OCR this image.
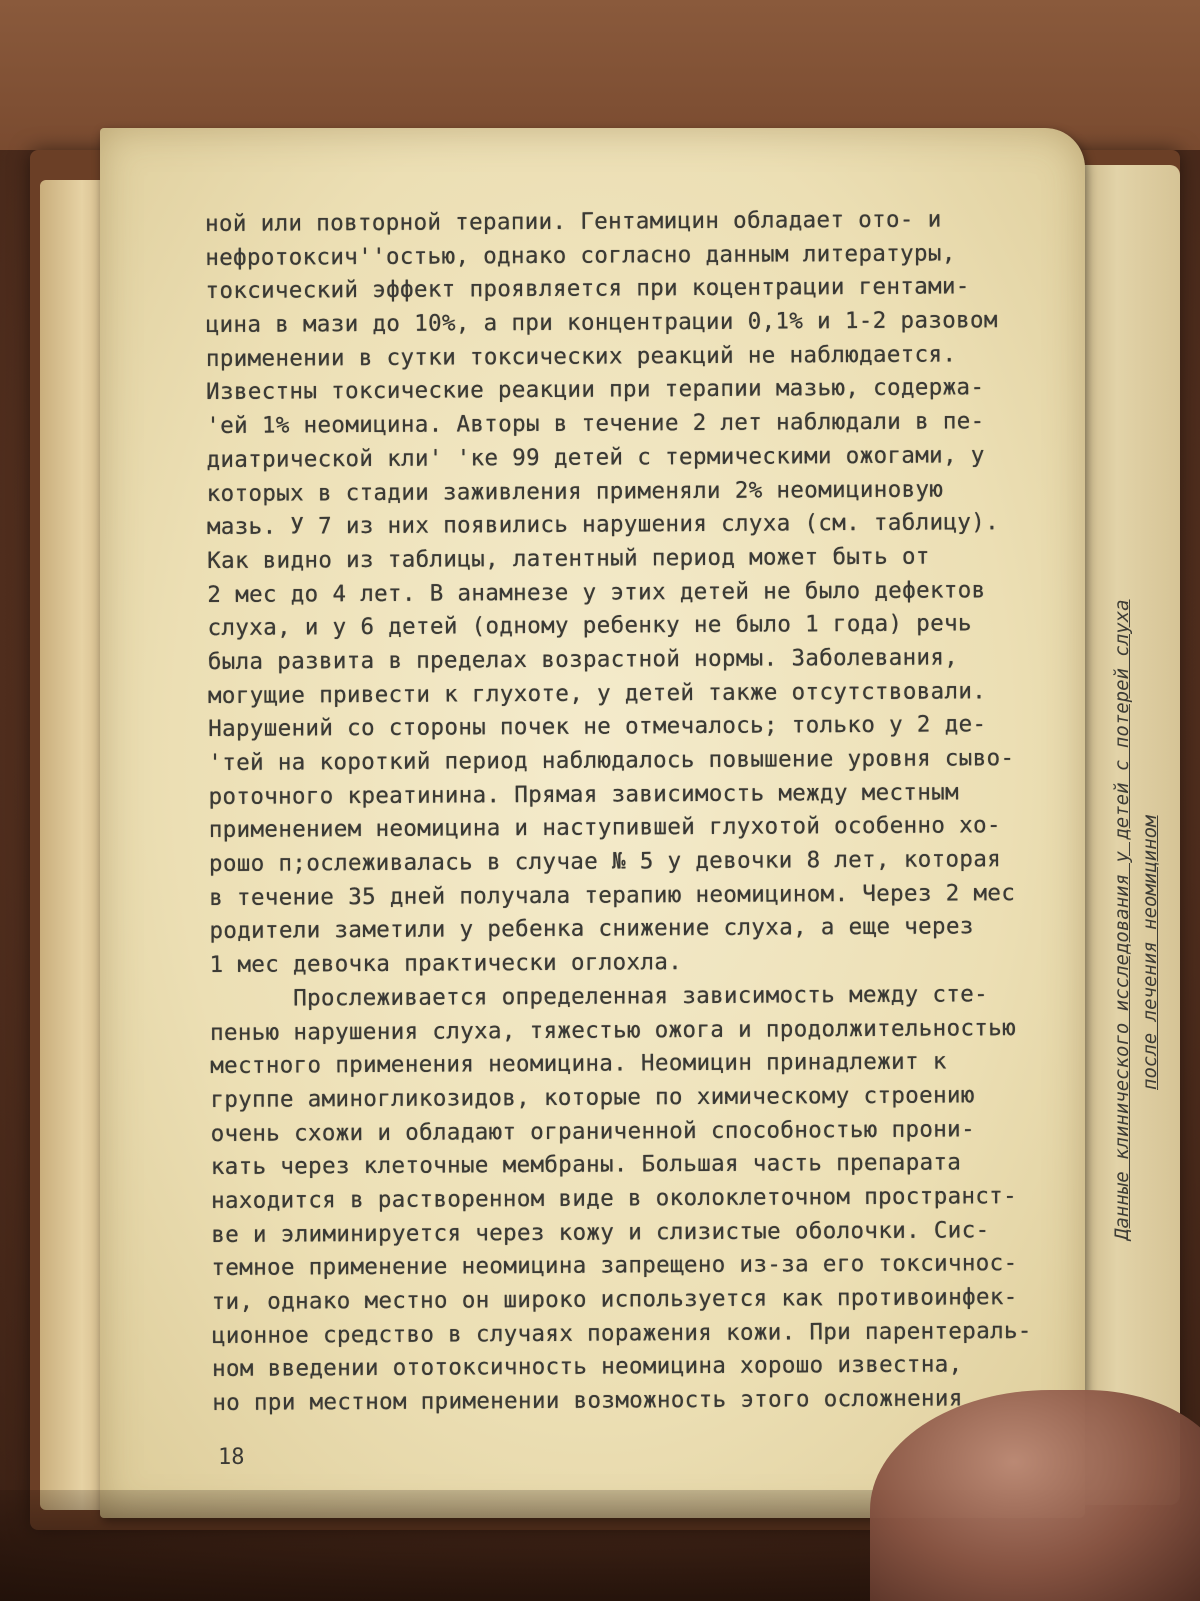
ной или повторной терапии. Гентамицин обладает ото- и
нефротоксич''остью, однако согласно данным литературы,
токсический эффект проявляется при коцентрации гентами-
цина в мази до 10%, а при концентрации 0,1% и 1-2 разовом
применении в сутки токсических реакций не наблюдается.
Известны токсические реакции при терапии мазью, содержа-
'ей 1% неомицина. Авторы в течение 2 лет наблюдали в пе-
диатрической кли' 'ке 99 детей с термическими ожогами, у
которых в стадии заживления применяли 2% неомициновую
мазь. У 7 из них появились нарушения слуха (см. таблицу).
Как видно из таблицы, латентный период может быть от
2 мес до 4 лет. В анамнезе у этих детей не было дефектов
слуха, и у 6 детей (одному ребенку не было 1 года) речь
была развита в пределах возрастной нормы. Заболевания,
могущие привести к глухоте, у детей также отсутствовали.
Нарушений со стороны почек не отмечалось; только у 2 де-
'тей на короткий период наблюдалось повышение уровня сыво-
роточного креатинина. Прямая зависимость между местным
применением неомицина и наступившей глухотой особенно хо-
рошо п;ослеживалась в случае № 5 у девочки 8 лет, которая
в течение 35 дней получала терапию неомицином. Через 2 мес
родители заметили у ребенка снижение слуха, а еще через
1 мес девочка практически оглохла.
Прослеживается определенная зависимость между сте-
пенью нарушения слуха, тяжестью ожога и продолжительностью
местного применения неомицина. Неомицин принадлежит к
группе аминогликозидов, которые по химическому строению
очень схожи и обладают ограниченной способностью прони-
кать через клеточные мембраны. Большая часть препарата
находится в растворенном виде в околоклеточном пространст-
ве и элиминируется через кожу и слизистые оболочки. Сис-
темное применение неомицина запрещено из-за его токсичнос-
ти, однако местно он широко используется как противоинфек-
ционное средство в случаях поражения кожи. При парентераль-
ном введении ототоксичность неомицина хорошо известна,
но при местном применении возможность этого осложнения
18
Данные клинического исследования у детей с потерей слуха после лечения неомицином
